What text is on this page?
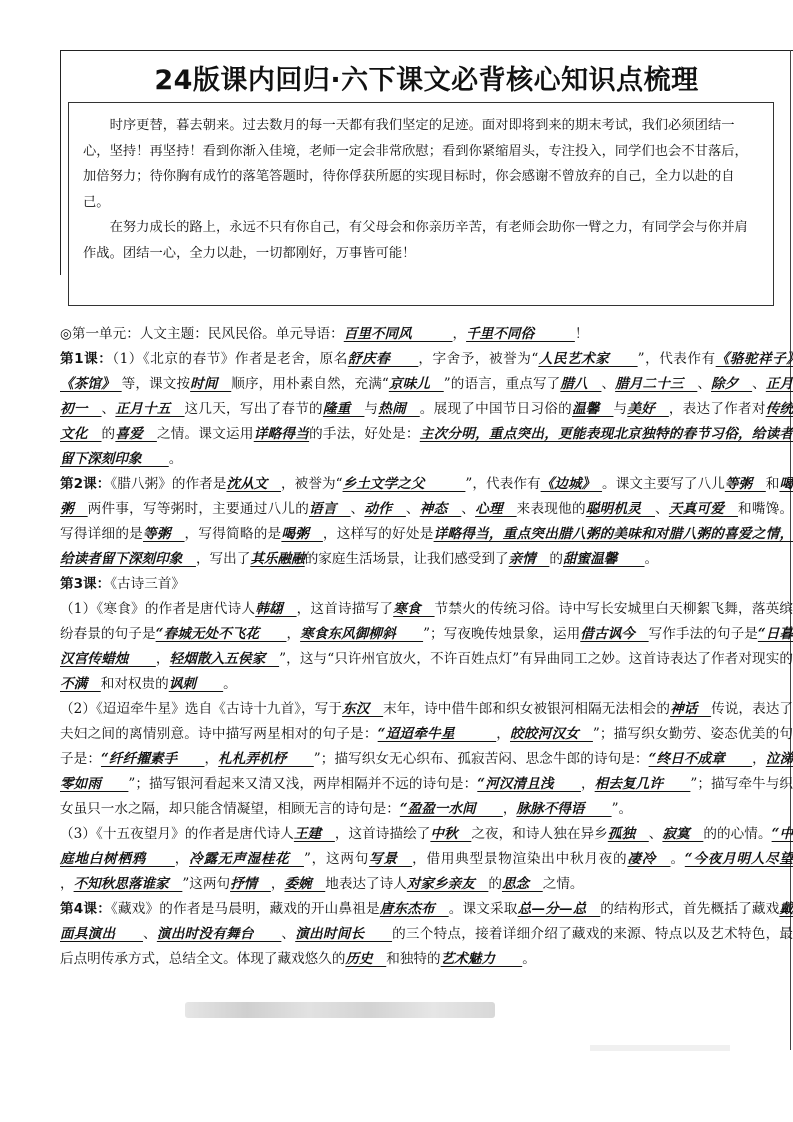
24版课内回归·六下课文必背核心知识点梳理

时序更替，暮去朝来。过去数月的每一天都有我们坚定的足迹。面对即将到来的期末考试，我们必须团结一心，坚持！再坚持！看到你渐入佳境，老师一定会非常欣慰；看到你紧缩眉头，专注投入，同学们也会不甘落后，加倍努力；待你胸有成竹的落笔答题时，待你俘获所愿的实现目标时，你会感谢不曾放弃的自己，全力以赴的自己。

在努力成长的路上，永远不只有你自己，有父母会和你亲历辛苦，有老师会助你一臂之力，有同学会与你并肩作战。团结一心，全力以赴，一切都刚好，万事皆可能！

◎第一单元：人文主题：民风民俗。单元导语：百里不同风　　　，千里不同俗　　　！

第1课：（1）《北京的春节》作者是老舍，原名舒庆春　　，字舍予，被誉为“人民艺术家　　”，代表作有《骆驼祥子》　《茶馆》　等，课文按时间　顺序，用朴素自然，充满“京味儿　”的语言，重点写了腊八　、腊月二十三　、除夕　、正月初一　、正月十五　这几天，写出了春节的隆重　与热闹　。展现了中国节日习俗的温馨　与美好　，表达了作者对传统文化　的喜爱　之情。课文运用详略得当的手法，好处是：主次分明，重点突出，更能表现北京独特的春节习俗，给读者留下深刻印象　　。

第2课：《腊八粥》的作者是沈从文　，被誉为“乡土文学之父　　　”，代表作有《边城》　。课文主要写了八儿等粥　和喝粥　两件事，写等粥时，主要通过八儿的语言　、动作　、神态　、心理　来表现他的聪明机灵　、天真可爱　和嘴馋。写得详细的是等粥　，写得简略的是喝粥　，这样写的好处是详略得当，重点突出腊八粥的美味和对腊八粥的喜爱之情，给读者留下深刻印象　，写出了其乐融融的家庭生活场景，让我们感受到了亲情　的甜蜜温馨　　。

第3课：《古诗三首》

（1）《寒食》的作者是唐代诗人韩翃　，这首诗描写了寒食　节禁火的传统习俗。诗中写长安城里白天柳絮飞舞，落英缤纷春景的句子是“春城无处不飞花　　，寒食东风御柳斜　　”；写夜晚传烛景象，运用借古讽今　写作手法的句子是“日暮汉宫传蜡烛　　，轻烟散入五侯家　”，这与“只许州官放火，不许百姓点灯”有异曲同工之妙。这首诗表达了作者对现实的不满　和对权贵的讽刺　　。

（2）《迢迢牵牛星》选自《古诗十九首》，写于东汉　末年，诗中借牛郎和织女被银河相隔无法相会的神话　传说，表达了夫妇之间的离情别意。诗中描写两星相对的句子是：“迢迢牵牛星　　　，皎皎河汉女　”；描写织女勤劳、姿态优美的句子是：“纤纤擢素手　　，札札弄机杼　　”；描写织女无心织布、孤寂苦闷、思念牛郎的诗句是：“终日不成章　　，泣涕零如雨　　”；描写银河看起来又清又浅，两岸相隔并不远的诗句是：“河汉清且浅　　，相去复几许　　”；描写牵牛与织女虽只一水之隔，却只能含情凝望，相顾无言的诗句是：“盈盈一水间　　，脉脉不得语　　”。

（3）《十五夜望月》的作者是唐代诗人王建　，这首诗描绘了中秋　之夜，和诗人独在异乡孤独　、寂寞　的的心情。“中庭地白树栖鸦　　，冷露无声湿桂花　”，这两句写景　，借用典型景物渲染出中秋月夜的凄冷　。“今夜月明人尽望　　，不知秋思落谁家　”这两句抒情　，委婉　地表达了诗人对家乡亲友　的思念　之情。

第4课：《藏戏》的作者是马晨明，藏戏的开山鼻祖是唐东杰布　。课文采取总—分—总　的结构形式，首先概括了藏戏戴面具演出　　、演出时没有舞台　　、演出时间长　　的三个特点，接着详细介绍了藏戏的来源、特点以及艺术特色，最后点明传承方式，总结全文。体现了藏戏悠久的历史　和独特的艺术魅力　　。
